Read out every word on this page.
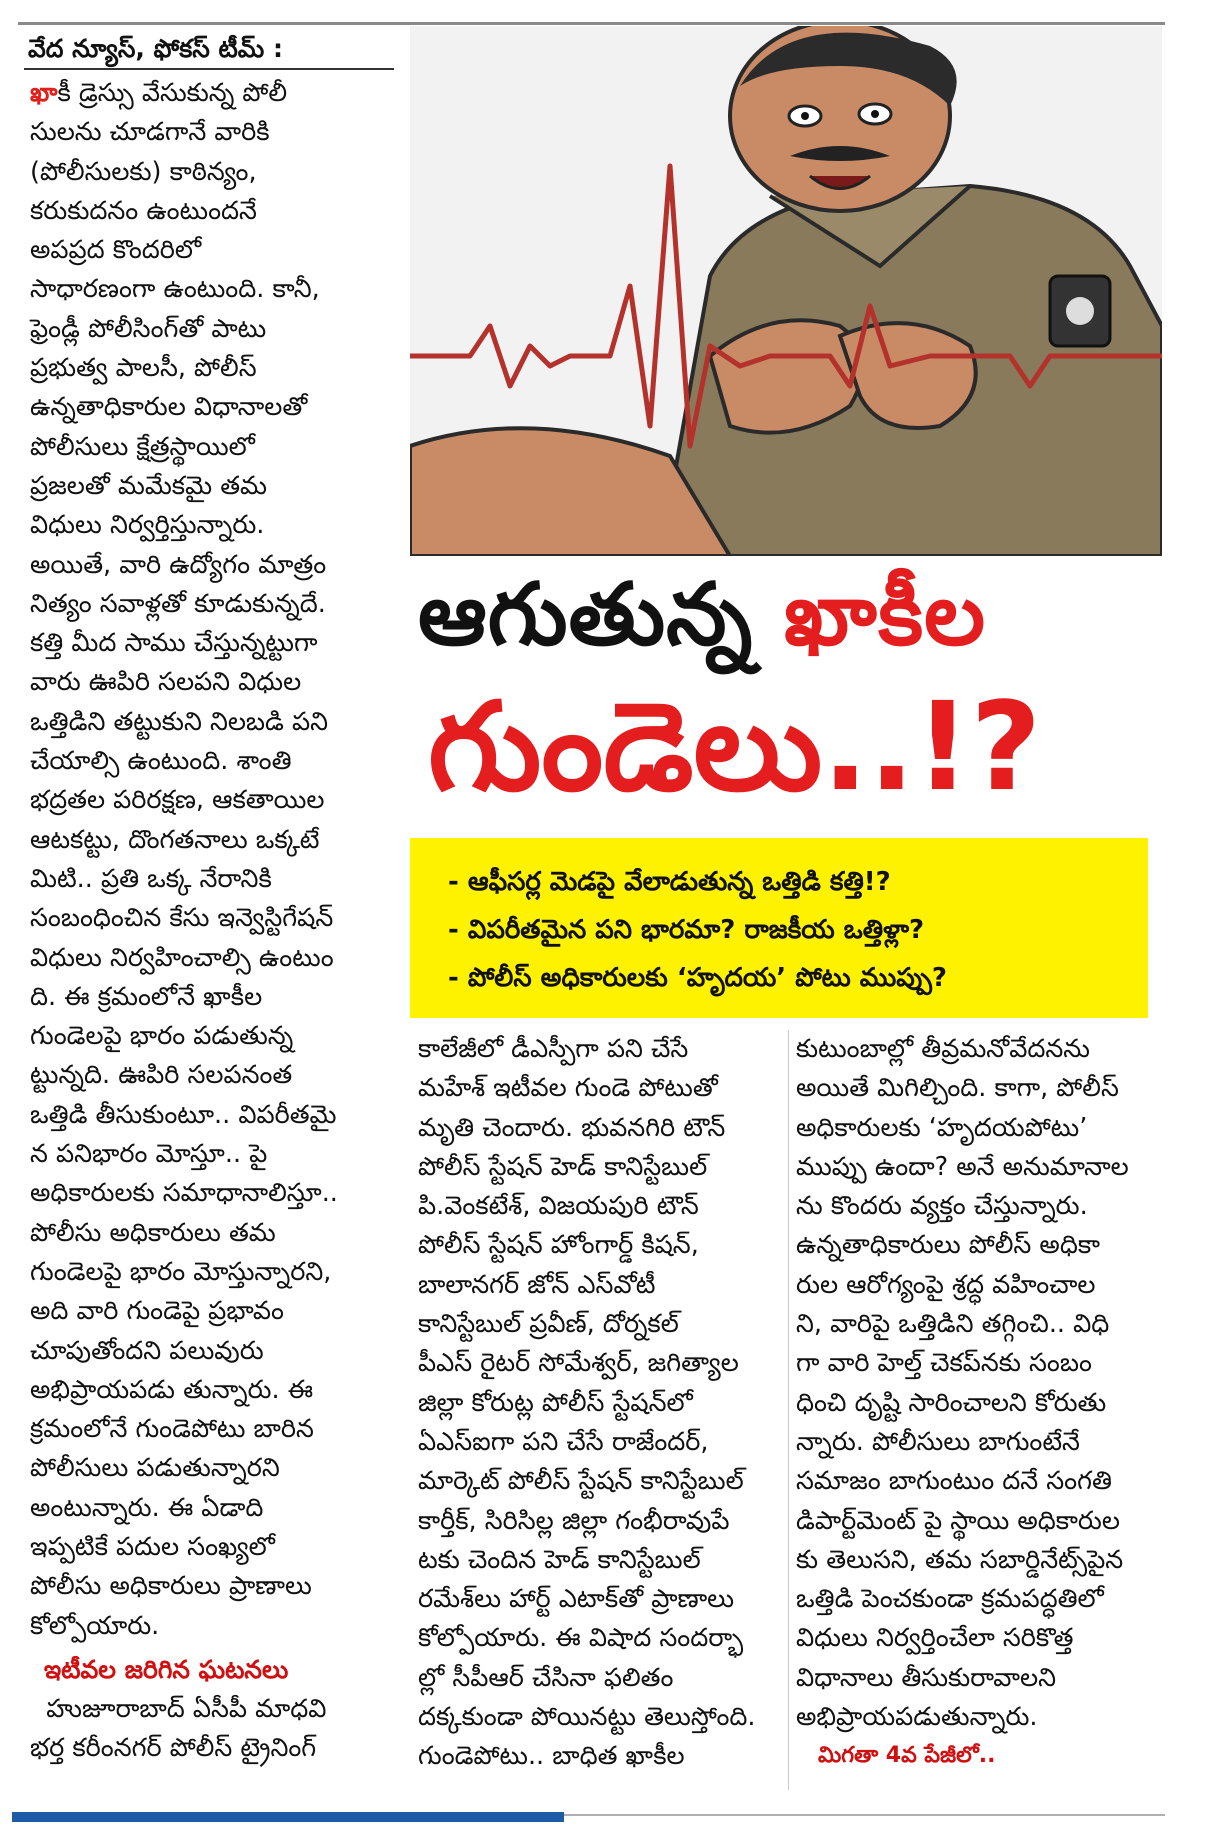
వేద న్యూస్, ఫోకస్ టీమ్ :

ఖాకీ డ్రెస్సు వేసుకున్న పోలీ
సులను చూడగానే వారికి
(పోలీసులకు) కాఠిన్యం,
కరుకుదనం ఉంటుందనే
అపప్రద కొందరిలో
సాధారణంగా ఉంటుంది. కానీ,
ఫ్రెండ్లీ పోలీసింగ్‌తో పాటు
ప్రభుత్వ పాలసీ, పోలీస్
ఉన్నతాధికారుల విధానాలతో
పోలీసులు క్షేత్రస్థాయిలో
ప్రజలతో మమేకమై తమ
విధులు నిర్వర్తిస్తున్నారు.
అయితే, వారి ఉద్యోగం మాత్రం
నిత్యం సవాళ్లతో కూడుకున్నదే.
కత్తి మీద సాము చేస్తున్నట్టుగా
వారు ఊపిరి సలపని విధుల
ఒత్తిడిని తట్టుకుని నిలబడి పని
చేయాల్సి ఉంటుంది. శాంతి
భద్రతల పరిరక్షణ, ఆకతాయిల
ఆటకట్టు, దొంగతనాలు ఒక్కటే
మిటి.. ప్రతి ఒక్క నేరానికి
సంబంధించిన కేసు ఇన్వెస్టిగేషన్
విధులు నిర్వహించాల్సి ఉంటుం
ది. ఈ క్రమంలోనే ఖాకీల
గుండెలపై భారం పడుతున్న
ట్టున్నది. ఊపిరి సలపనంత
ఒత్తిడి తీసుకుంటూ.. విపరీతమై
న పనిభారం మోస్తూ.. పై
అధికారులకు సమాధానాలిస్తూ..
పోలీసు అధికారులు తమ
గుండెలపై భారం మోస్తున్నారని,
అది వారి గుండెపై ప్రభావం
చూపుతోందని పలువురు
అభిప్రాయపడు తున్నారు. ఈ
క్రమంలోనే గుండెపోటు బారిన
పోలీసులు పడుతున్నారని
అంటున్నారు. ఈ ఏడాది
ఇప్పటికే పదుల సంఖ్యలో
పోలీసు అధికారులు ప్రాణాలు
కోల్పోయారు.

ఇటీవల జరిగిన ఘటనలు

హుజూరాబాద్ ఏసీపీ మాధవి
భర్త కరీంనగర్ పోలీస్ ట్రైనింగ్

ఆగుతున్న ఖాకీల
గుండెలు..!?
- ఆఫీసర్ల మెడపై వేలాడుతున్న ఒత్తిడి కత్తి!?
- విపరీతమైన పని భారమా? రాజకీయ ఒత్తిళ్లా?
- పోలీస్ అధికారులకు ‘హృదయ’ పోటు ముప్పు?

కాలేజీలో డీఎస్పీగా పని చేసే
మహేశ్ ఇటీవల గుండె పోటుతో
మృతి చెందారు. భువనగిరి టౌన్
పోలీస్ స్టేషన్ హెడ్ కానిస్టేబుల్
పి.వెంకటేశ్, విజయపురి టౌన్
పోలీస్ స్టేషన్ హోంగార్డ్ కిషన్,
బాలానగర్ జోన్ ఎస్‌వోటీ
కానిస్టేబుల్ ప్రవీణ్, దోర్నకల్
పీఎస్ రైటర్ సోమేశ్వర్, జగిత్యాల
జిల్లా కోరుట్ల పోలీస్ స్టేషన్‌లో
ఏఎస్ఐగా పని చేసే రాజేందర్,
మార్కెట్ పోలీస్ స్టేషన్ కానిస్టేబుల్
కార్తీక్, సిరిసిల్ల జిల్లా గంభీరావుపే
టకు చెందిన హెడ్ కానిస్టేబుల్
రమేశ్‌లు హార్ట్ ఎటాక్‌తో ప్రాణాలు
కోల్పోయారు. ఈ విషాద సందర్భా
ల్లో సీపీఆర్ చేసినా ఫలితం
దక్కకుండా పోయినట్టు తెలుస్తోంది.
గుండెపోటు.. బాధిత ఖాకీల

కుటుంబాల్లో తీవ్రమనోవేదనను
అయితే మిగిల్చింది. కాగా, పోలీస్
అధికారులకు ‘హృదయపోటు’
ముప్పు ఉందా? అనే అనుమానాల
ను కొందరు వ్యక్తం చేస్తున్నారు.
ఉన్నతాధికారులు పోలీస్ అధికా
రుల ఆరోగ్యంపై శ్రద్ధ వహించాల
ని, వారిపై ఒత్తిడిని తగ్గించి.. విధి
గా వారి హెల్త్ చెకప్‌నకు సంబం
ధించి దృష్టి సారించాలని కోరుతు
న్నారు. పోలీసులు బాగుంటేనే
సమాజం బాగుంటుం దనే సంగతి
డిపార్ట్‌మెంట్ పై స్థాయి అధికారుల
కు తెలుసని, తమ సబార్డినేట్స్‌పైన
ఒత్తిడి పెంచకుండా క్రమపద్ధతిలో
విధులు నిర్వర్తించేలా సరికొత్త
విధానాలు తీసుకురావాలని
అభిప్రాయపడుతున్నారు.

మిగతా 4వ పేజీలో..
